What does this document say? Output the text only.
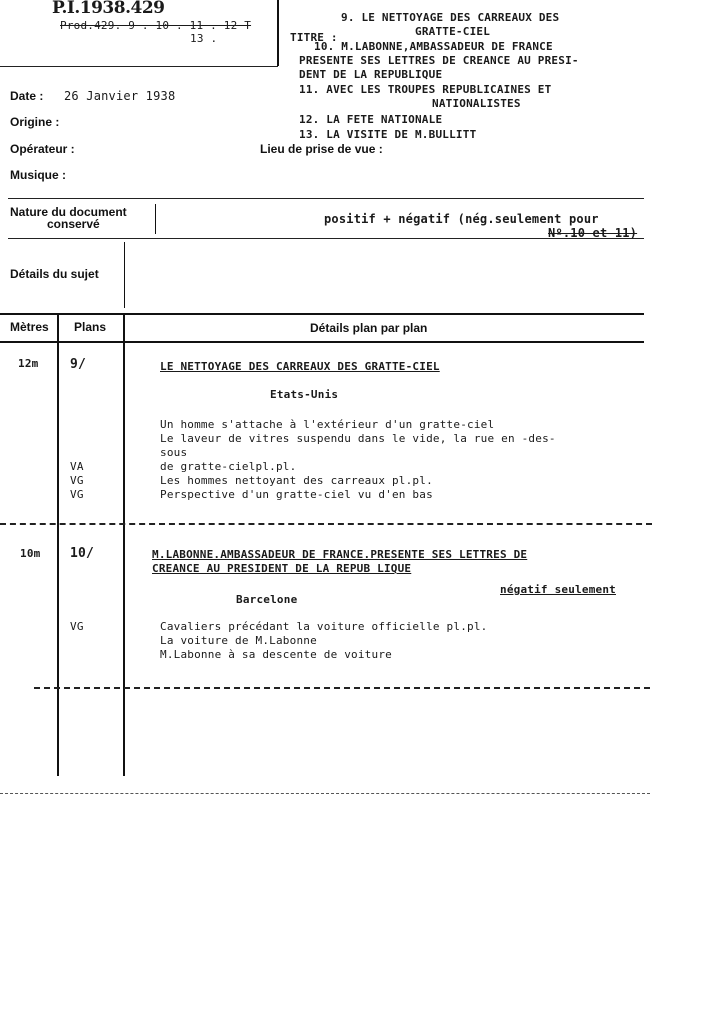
P.I.1938.429
Prod.429. 9 . 10 . 11 . 12 T
13 .	TITRE :
9. LE NETTOYAGE DES CARREAUX DES
GRATTE-CIEL
10. M.LABONNE,AMBASSADEUR DE FRANCE
PRESENTE SES LETTRES DE CREANCE AU PRESI-
DENT DE LA REPUBLIQUE
11. AVEC LES TROUPES REPUBLICAINES ET
NATIONALISTES
12. LA FETE NATIONALE
13. LA VISITE DE M.BULLITT
Date : 26 Janvier 1938
Origine :
Opérateur :	Lieu de prise de vue :
Musique :
Nature du document
conservé	positif + négatif (nég.seulement pour
Nº.10 et 11)
Détails du sujet
Mètres Plans	Détails plan par plan
12m 9/	LE NETTOYAGE DES CARREAUX DES GRATTE-CIEL
Etats-Unis
Un homme s'attache à l'extérieur d'un gratte-ciel
Le laveur de vitres suspendu dans le vide, la rue en -des-
sous
VA	de gratte-cielpl.pl.
VG	Les hommes nettoyant des carreaux pl.pl.
VG	Perspective d'un gratte-ciel vu d'en bas
10m 10/	M.LABONNE.AMBASSADEUR DE FRANCE.PRESENTE SES LETTRES DE
CREANCE AU PRESIDENT DE LA REPUB LIQUE
négatif seulement
Barcelone
VG	Cavaliers précédant la voiture officielle pl.pl.
La voiture de M.Labonne
M.Labonne à sa descente de voiture
